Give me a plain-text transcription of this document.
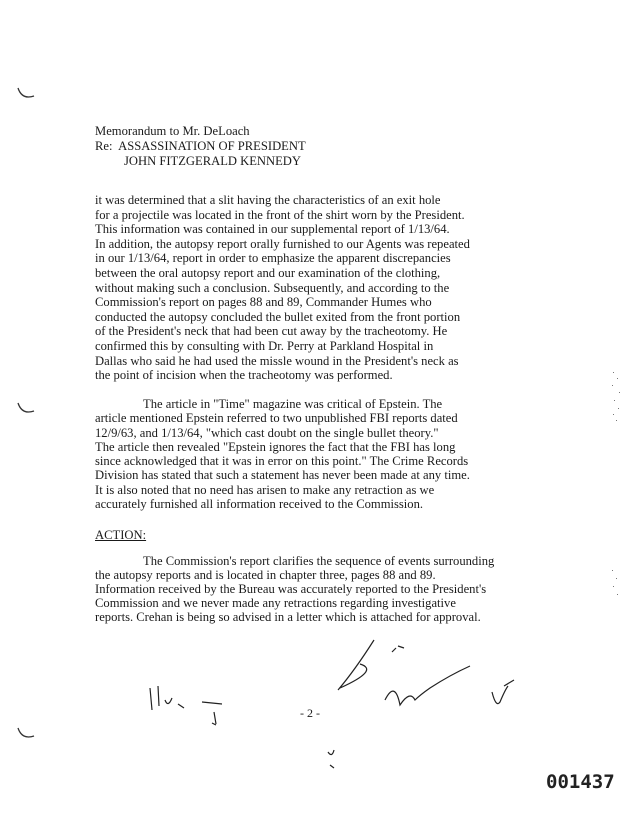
Memorandum to Mr. DeLoach
Re: ASSASSINATION OF PRESIDENT
JOHN FITZGERALD KENNEDY
it was determined that a slit having the characteristics of an exit hole
for a projectile was located in the front of the shirt worn by the President.
This information was contained in our supplemental report of 1/13/64.
In addition, the autopsy report orally furnished to our Agents was repeated
in our 1/13/64, report in order to emphasize the apparent discrepancies
between the oral autopsy report and our examination of the clothing,
without making such a conclusion. Subsequently, and according to the
Commission's report on pages 88 and 89, Commander Humes who
conducted the autopsy concluded the bullet exited from the front portion
of the President's neck that had been cut away by the tracheotomy. He
confirmed this by consulting with Dr. Perry at Parkland Hospital in
Dallas who said he had used the missle wound in the President's neck as
the point of incision when the tracheotomy was performed.
The article in "Time" magazine was critical of Epstein. The
article mentioned Epstein referred to two unpublished FBI reports dated
12/9/63, and 1/13/64, "which cast doubt on the single bullet theory."
The article then revealed "Epstein ignores the fact that the FBI has long
since acknowledged that it was in error on this point." The Crime Records
Division has stated that such a statement has never been made at any time.
It is also noted that no need has arisen to make any retraction as we
accurately furnished all information received to the Commission.
ACTION:
The Commission's report clarifies the sequence of events surrounding
the autopsy reports and is located in chapter three, pages 88 and 89.
Information received by the Bureau was accurately reported to the President's
Commission and we never made any retractions regarding investigative
reports. Crehan is being so advised in a letter which is attached for approval.
- 2 -
001437
